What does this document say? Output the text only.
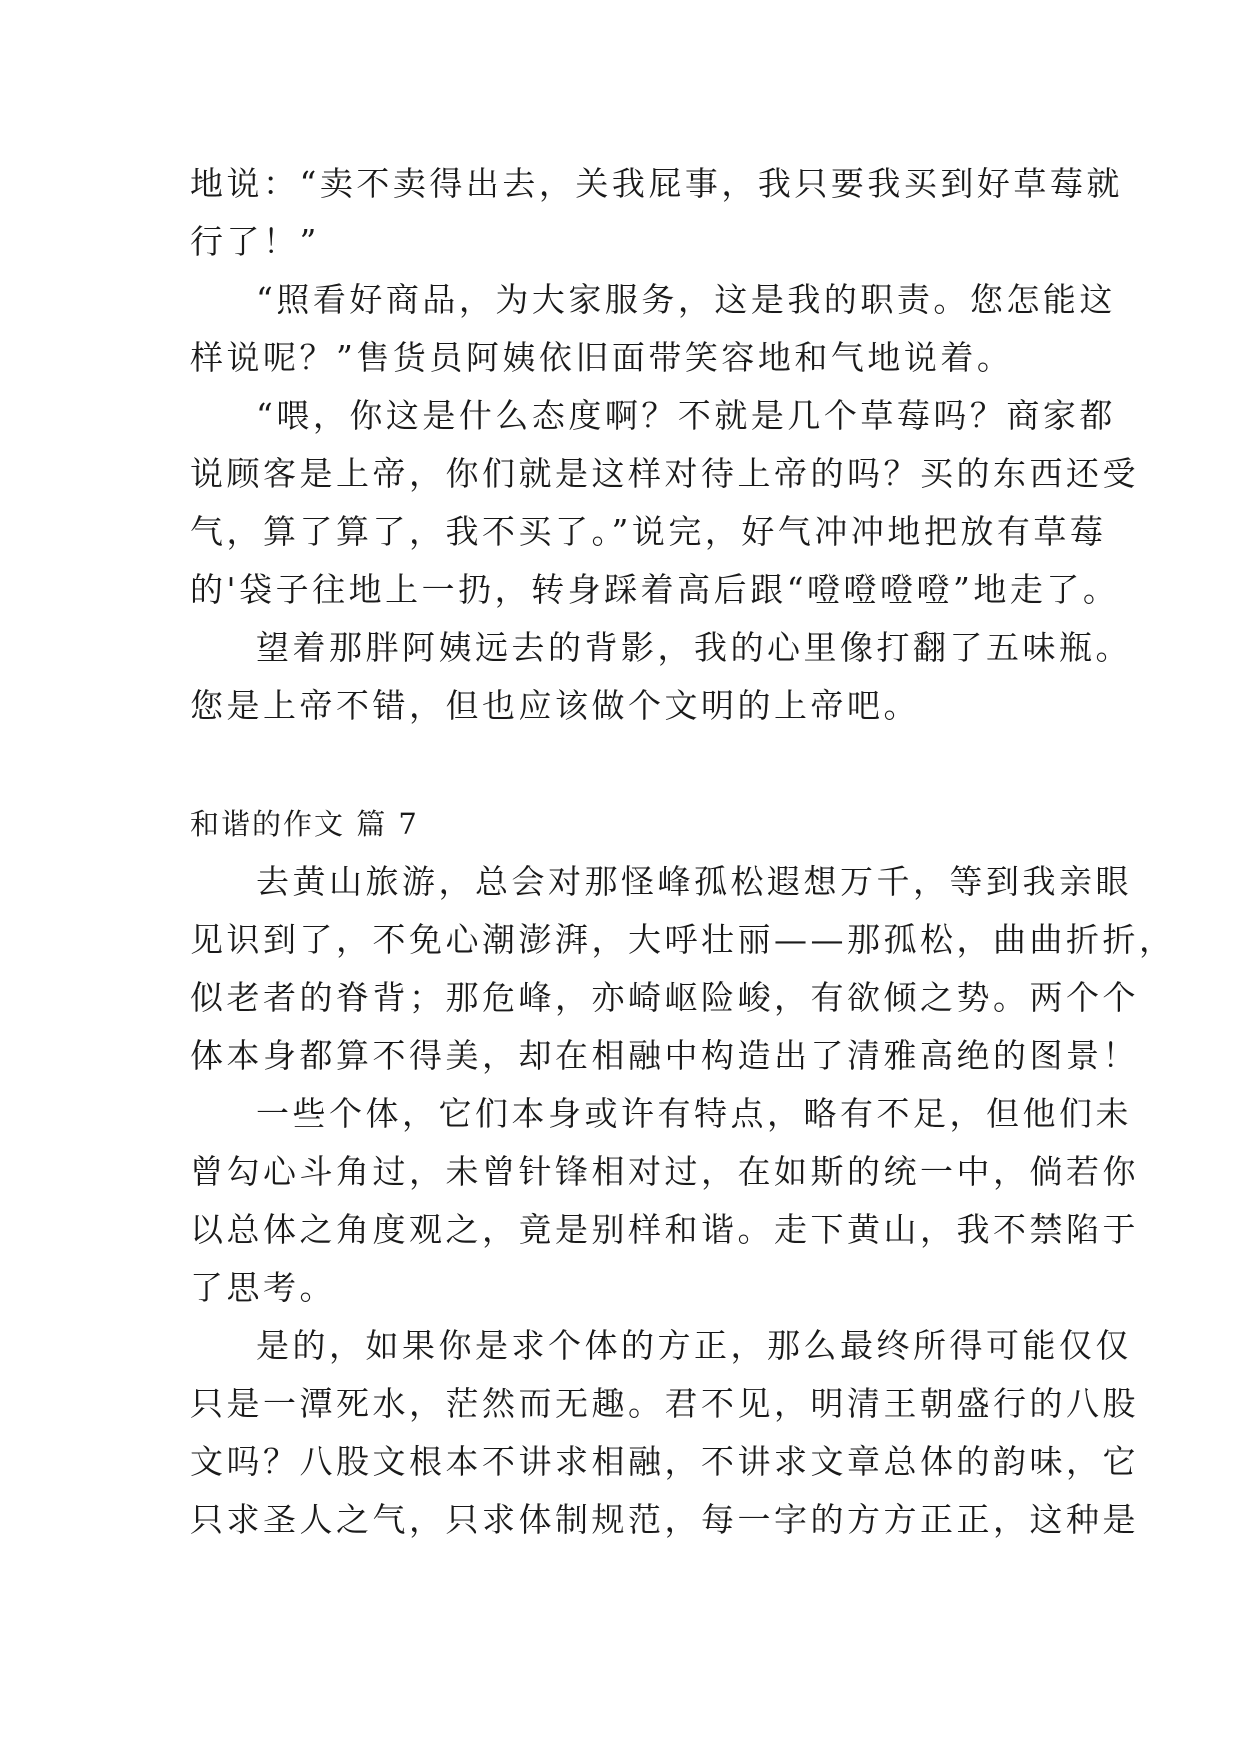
地说：“卖不卖得出去，关我屁事，我只要我买到好草莓就

行了！”

“照看好商品，为大家服务，这是我的职责。您怎能这

样说呢？”售货员阿姨依旧面带笑容地和气地说着。

“喂，你这是什么态度啊？不就是几个草莓吗？商家都

说顾客是上帝，你们就是这样对待上帝的吗？买的东西还受

气，算了算了，我不买了。”说完，好气冲冲地把放有草莓

的'袋子往地上一扔，转身踩着高后跟“噔噔噔噔”地走了。

望着那胖阿姨远去的背影，我的心里像打翻了五味瓶。

您是上帝不错，但也应该做个文明的上帝吧。

和谐的作文 篇 7

去黄山旅游，总会对那怪峰孤松遐想万千，等到我亲眼

见识到了，不免心潮澎湃，大呼壮丽——那孤松，曲曲折折，

似老者的脊背；那危峰，亦崎岖险峻，有欲倾之势。两个个

体本身都算不得美，却在相融中构造出了清雅高绝的图景！

一些个体，它们本身或许有特点，略有不足，但他们未

曾勾心斗角过，未曾针锋相对过，在如斯的统一中，倘若你

以总体之角度观之，竟是别样和谐。走下黄山，我不禁陷于

了思考。

是的，如果你是求个体的方正，那么最终所得可能仅仅

只是一潭死水，茫然而无趣。君不见，明清王朝盛行的八股

文吗？八股文根本不讲求相融，不讲求文章总体的韵味，它

只求圣人之气，只求体制规范，每一字的方方正正，这种是
